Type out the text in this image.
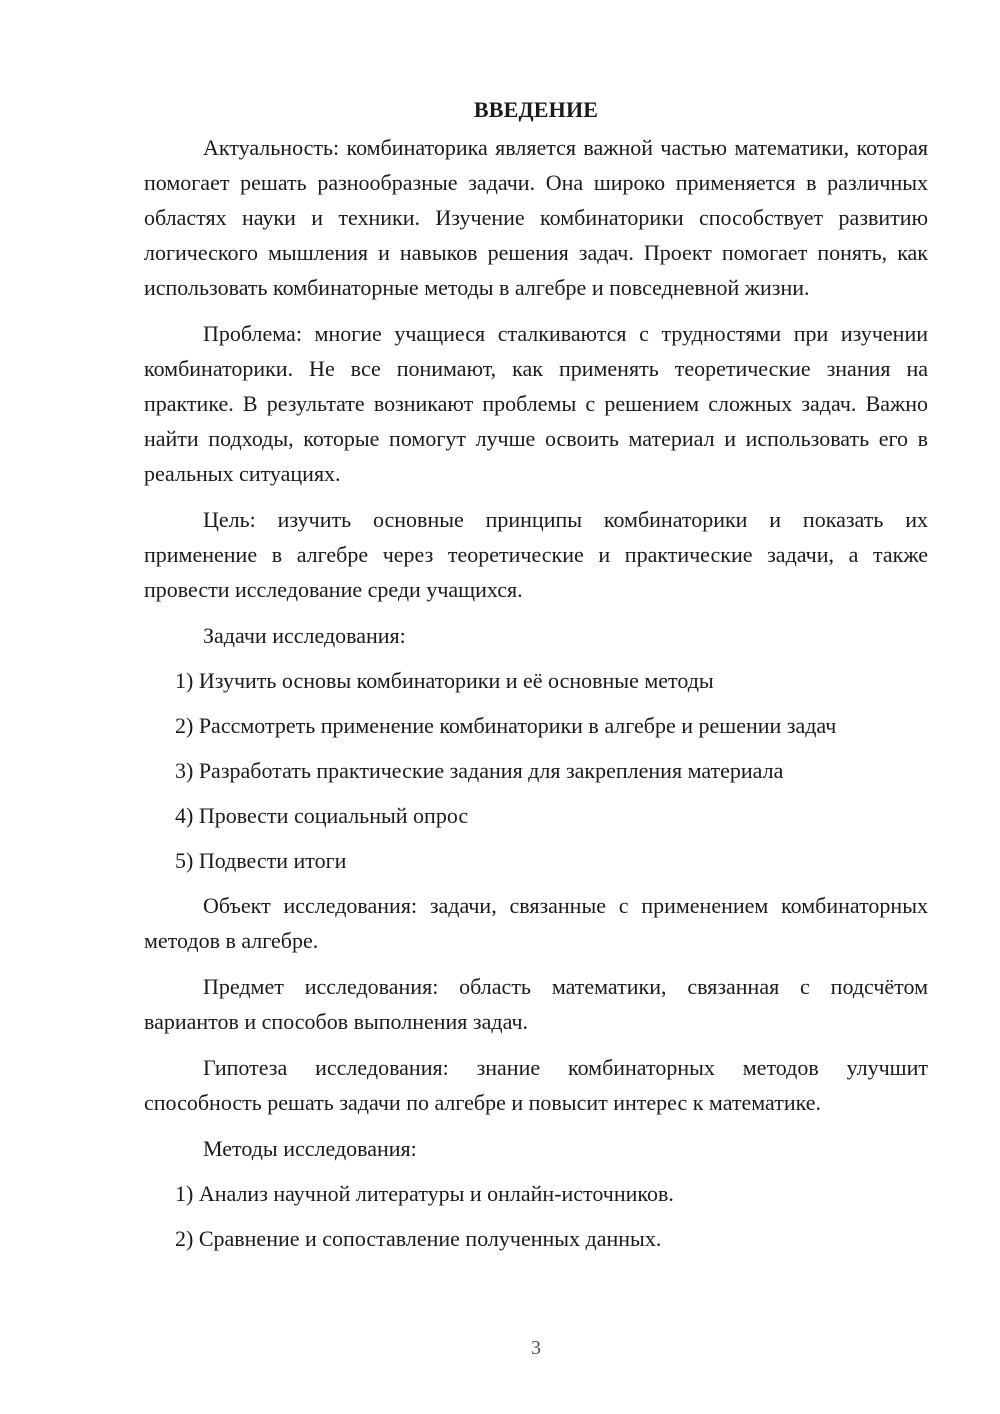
ВВЕДЕНИЕ

Актуальность: комбинаторика является важной частью математики, которая помогает решать разнообразные задачи. Она широко применяется в различных областях науки и техники. Изучение комбинаторики способствует развитию логического мышления и навыков решения задач. Проект помогает понять, как использовать комбинаторные методы в алгебре и повседневной жизни.

Проблема: многие учащиеся сталкиваются с трудностями при изучении комбинаторики. Не все понимают, как применять теоретические знания на практике. В результате возникают проблемы с решением сложных задач. Важно найти подходы, которые помогут лучше освоить материал и использовать его в реальных ситуациях.

Цель: изучить основные принципы комбинаторики и показать их применение в алгебре через теоретические и практические задачи, а также провести исследование среди учащихся.

Задачи исследования:

1) Изучить основы комбинаторики и её основные методы
2) Рассмотреть применение комбинаторики в алгебре и решении задач
3) Разработать практические задания для закрепления материала
4) Провести социальный опрос
5) Подвести итоги

Объект исследования: задачи, связанные с применением комбинаторных методов в алгебре.

Предмет исследования: область математики, связанная с подсчётом вариантов и способов выполнения задач.

Гипотеза исследования: знание комбинаторных методов улучшит способность решать задачи по алгебре и повысит интерес к математике.

Методы исследования:

1) Анализ научной литературы и онлайн-источников.
2) Сравнение и сопоставление полученных данных.
3
